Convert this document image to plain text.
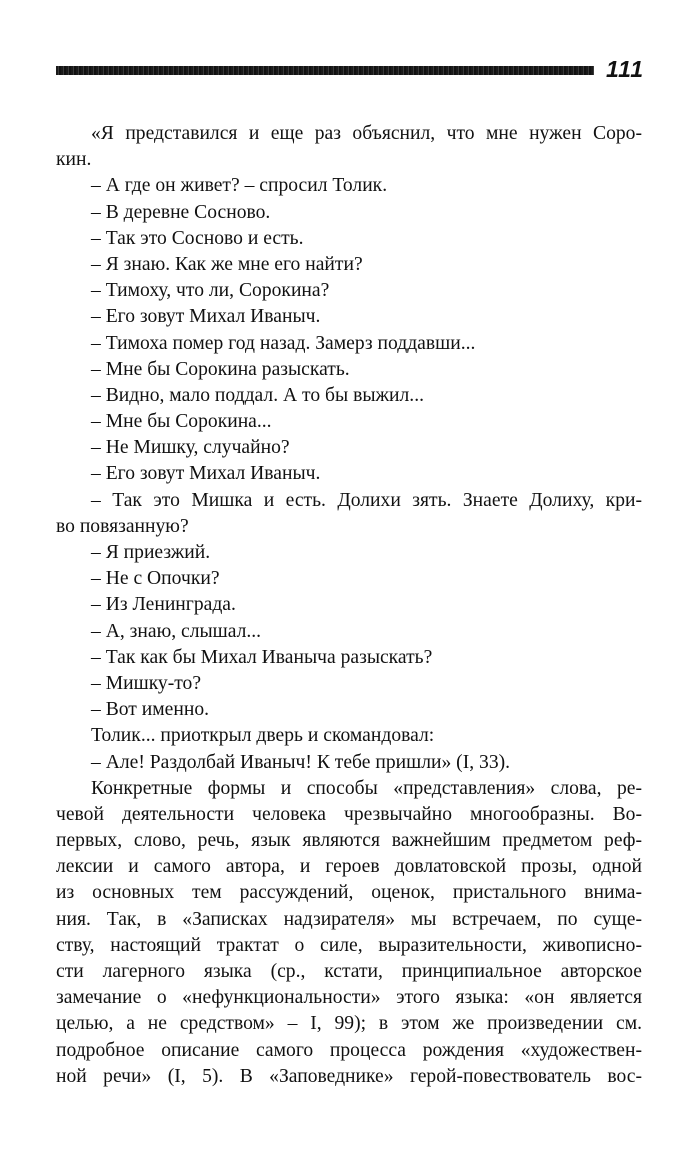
111
«Я представился и еще раз объяснил, что мне нужен Соро-
кин.
– А где он живет? – спросил Толик.
– В деревне Сосново.
– Так это Сосново и есть.
– Я знаю. Как же мне его найти?
– Тимоху, что ли, Сорокина?
– Его зовут Михал Иваныч.
– Тимоха помер год назад. Замерз поддавши...
– Мне бы Сорокина разыскать.
– Видно, мало поддал. А то бы выжил...
– Мне бы Сорокина...
– Не Мишку, случайно?
– Его зовут Михал Иваныч.
– Так это Мишка и есть. Долихи зять. Знаете Долиху, кри-
во повязанную?
– Я приезжий.
– Не с Опочки?
– Из Ленинграда.
– А, знаю, слышал...
– Так как бы Михал Иваныча разыскать?
– Мишку-то?
– Вот именно.
Толик... приоткрыл дверь и скомандовал:
– Але! Раздолбай Иваныч! К тебе пришли» (I, 33).
Конкретные формы и способы «представления» слова, ре-
чевой деятельности человека чрезвычайно многообразны. Во-
первых, слово, речь, язык являются важнейшим предметом реф-
лексии и самого автора, и героев довлатовской прозы, одной
из основных тем рассуждений, оценок, пристального внима-
ния. Так, в «Записках надзирателя» мы встречаем, по суще-
ству, настоящий трактат о силе, выразительности, живописно-
сти лагерного языка (ср., кстати, принципиальное авторское
замечание о «нефункциональности» этого языка: «он является
целью, а не средством» – I, 99); в этом же произведении см.
подробное описание самого процесса рождения «художествен-
ной речи» (I, 5). В «Заповеднике» герой-повествователь вос-
